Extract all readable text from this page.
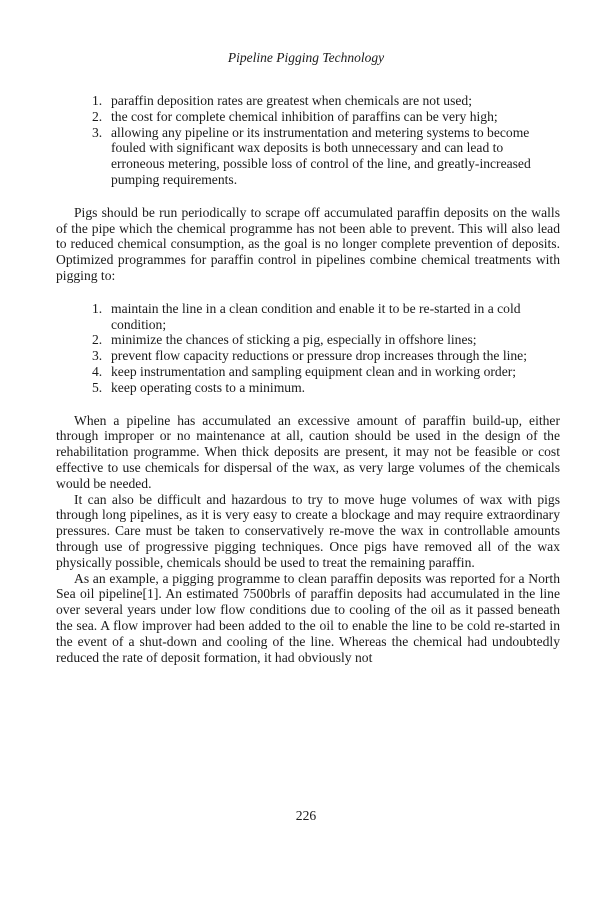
Pipeline Pigging Technology
1. paraffin deposition rates are greatest when chemicals are not used;
2. the cost for complete chemical inhibition of paraffins can be very high;
3. allowing any pipeline or its instrumentation and metering systems to become fouled with significant wax deposits is both unnecessary and can lead to erroneous metering, possible loss of control of the line, and greatly-increased pumping requirements.

Pigs should be run periodically to scrape off accumulated paraffin deposits on the walls of the pipe which the chemical programme has not been able to prevent. This will also lead to reduced chemical consumption, as the goal is no longer complete prevention of deposits. Optimized programmes for paraffin control in pipelines combine chemical treatments with pigging to:

1. maintain the line in a clean condition and enable it to be re-started in a cold condition;
2. minimize the chances of sticking a pig, especially in offshore lines;
3. prevent flow capacity reductions or pressure drop increases through the line;
4. keep instrumentation and sampling equipment clean and in working order;
5. keep operating costs to a minimum.

When a pipeline has accumulated an excessive amount of paraffin build-up, either through improper or no maintenance at all, caution should be used in the design of the rehabilitation programme. When thick deposits are present, it may not be feasible or cost effective to use chemicals for dispersal of the wax, as very large volumes of the chemicals would be needed.

It can also be difficult and hazardous to try to move huge volumes of wax with pigs through long pipelines, as it is very easy to create a blockage and may require extraordinary pressures. Care must be taken to conservatively re-move the wax in controllable amounts through use of progressive pigging techniques. Once pigs have removed all of the wax physically possible, chemicals should be used to treat the remaining paraffin.

As an example, a pigging programme to clean paraffin deposits was reported for a North Sea oil pipeline[1]. An estimated 7500brls of paraffin deposits had accumulated in the line over several years under low flow conditions due to cooling of the oil as it passed beneath the sea. A flow improver had been added to the oil to enable the line to be cold re-started in the event of a shut-down and cooling of the line. Whereas the chemical had undoubtedly reduced the rate of deposit formation, it had obviously not

226
